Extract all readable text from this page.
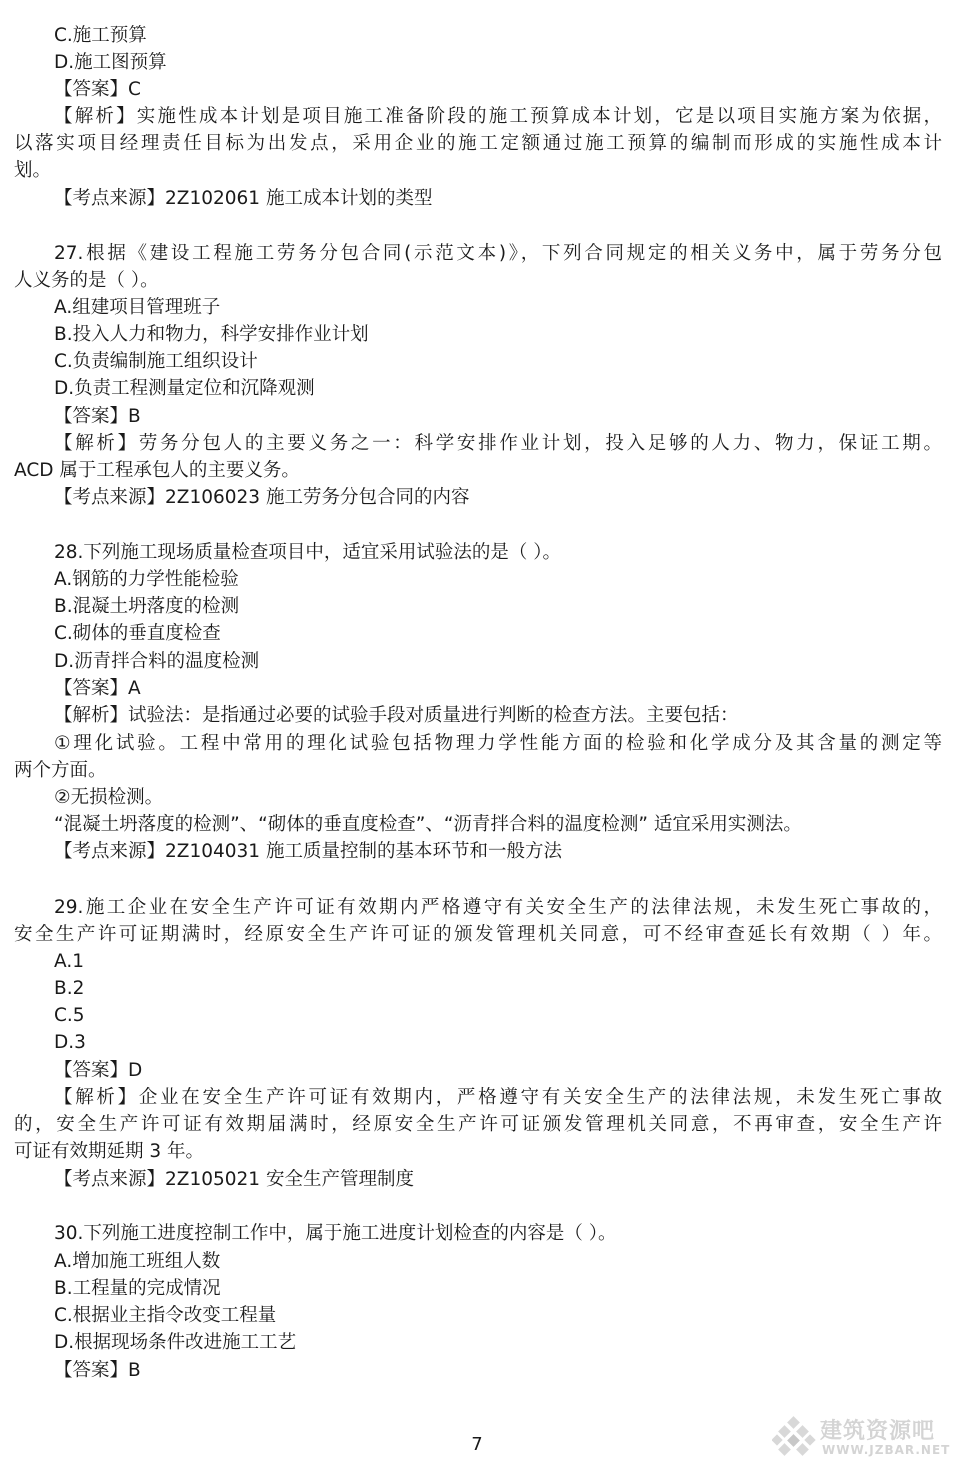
C.施工预算
D.施工图预算
【答案】C
【解析】实施性成本计划是项目施工准备阶段的施工预算成本计划，它是以项目实施方案为依据，
以落实项目经理责任目标为出发点，采用企业的施工定额通过施工预算的编制而形成的实施性成本计
划。
【考点来源】2Z102061 施工成本计划的类型
27.根据《建设工程施工劳务分包合同(示范文本)》，下列合同规定的相关义务中，属于劳务分包
人义务的是（ ）。
A.组建项目管理班子
B.投入人力和物力，科学安排作业计划
C.负责编制施工组织设计
D.负责工程测量定位和沉降观测
【答案】B
【解析】劳务分包人的主要义务之一：科学安排作业计划，投入足够的人力、物力，保证工期。
ACD 属于工程承包人的主要义务。
【考点来源】2Z106023 施工劳务分包合同的内容
28.下列施工现场质量检查项目中，适宜采用试验法的是（ ）。
A.钢筋的力学性能检验
B.混凝土坍落度的检测
C.砌体的垂直度检查
D.沥青拌合料的温度检测
【答案】A
【解析】试验法：是指通过必要的试验手段对质量进行判断的检查方法。主要包括：
①理化试验。工程中常用的理化试验包括物理力学性能方面的检验和化学成分及其含量的测定等
两个方面。
②无损检测。
“混凝土坍落度的检测”、“砌体的垂直度检查”、“沥青拌合料的温度检测” 适宜采用实测法。
【考点来源】2Z104031 施工质量控制的基本环节和一般方法
29.施工企业在安全生产许可证有效期内严格遵守有关安全生产的法律法规，未发生死亡事故的，
安全生产许可证期满时，经原安全生产许可证的颁发管理机关同意，可不经审查延长有效期（ ）年。
A.1
B.2
C.5
D.3
【答案】D
【解析】企业在安全生产许可证有效期内，严格遵守有关安全生产的法律法规，未发生死亡事故
的，安全生产许可证有效期届满时，经原安全生产许可证颁发管理机关同意，不再审查，安全生产许
可证有效期延期 3 年。
【考点来源】2Z105021 安全生产管理制度
30.下列施工进度控制工作中，属于施工进度计划检查的内容是（ ）。
A.增加施工班组人数
B.工程量的完成情况
C.根据业主指令改变工程量
D.根据现场条件改进施工工艺
【答案】B
7
建筑资源吧
WWW.JZBAR.NET
